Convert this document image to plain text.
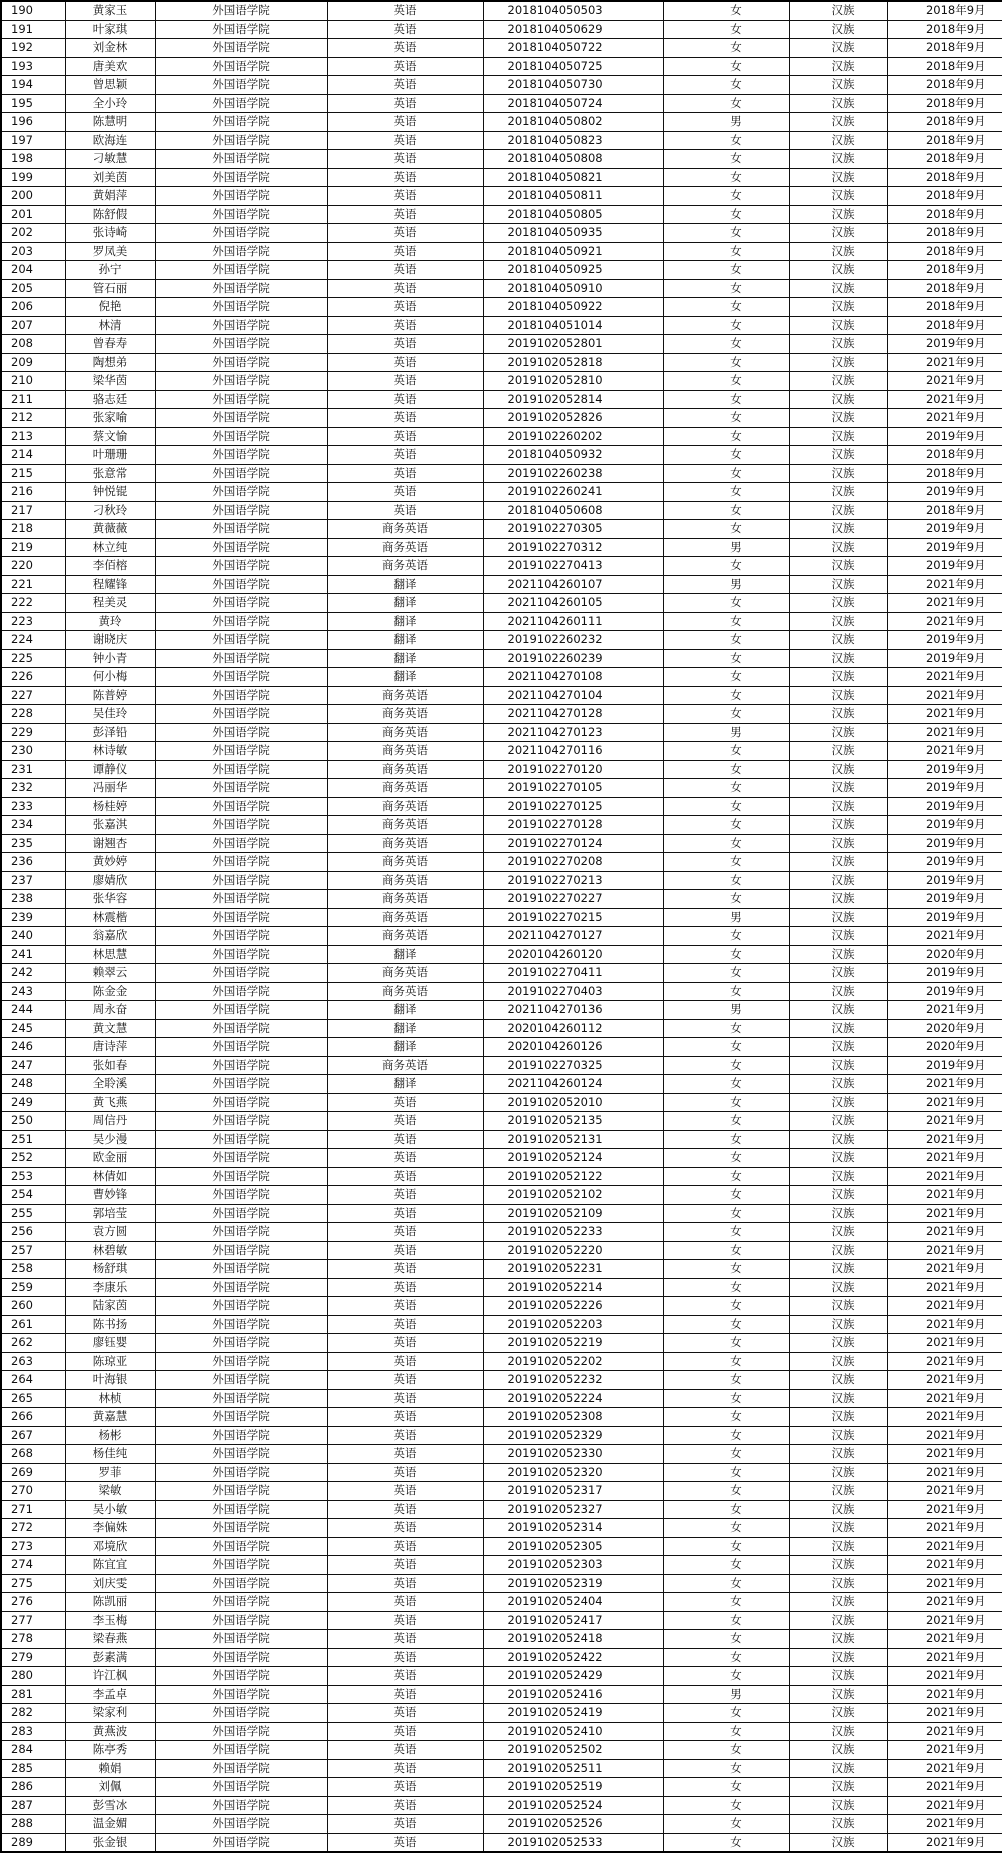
190	黄家玉	外国语学院	英语	2018104050503	女	汉族	2018年9月
191	叶家琪	外国语学院	英语	2018104050629	女	汉族	2018年9月
192	刘金林	外国语学院	英语	2018104050722	女	汉族	2018年9月
193	唐美欢	外国语学院	英语	2018104050725	女	汉族	2018年9月
194	曾思颖	外国语学院	英语	2018104050730	女	汉族	2018年9月
195	全小玲	外国语学院	英语	2018104050724	女	汉族	2018年9月
196	陈慧明	外国语学院	英语	2018104050802	男	汉族	2018年9月
197	欧海连	外国语学院	英语	2018104050823	女	汉族	2018年9月
198	刁敏慧	外国语学院	英语	2018104050808	女	汉族	2018年9月
199	刘美茵	外国语学院	英语	2018104050821	女	汉族	2018年9月
200	黄娟萍	外国语学院	英语	2018104050811	女	汉族	2018年9月
201	陈舒假	外国语学院	英语	2018104050805	女	汉族	2018年9月
202	张诗崎	外国语学院	英语	2018104050935	女	汉族	2018年9月
203	罗凤美	外国语学院	英语	2018104050921	女	汉族	2018年9月
204	孙宁	外国语学院	英语	2018104050925	女	汉族	2018年9月
205	管石丽	外国语学院	英语	2018104050910	女	汉族	2018年9月
206	倪艳	外国语学院	英语	2018104050922	女	汉族	2018年9月
207	林清	外国语学院	英语	2018104051014	女	汉族	2018年9月
208	曾春寿	外国语学院	英语	2019102052801	女	汉族	2019年9月
209	陶想弟	外国语学院	英语	2019102052818	女	汉族	2021年9月
210	梁华茵	外国语学院	英语	2019102052810	女	汉族	2021年9月
211	骆志廷	外国语学院	英语	2019102052814	女	汉族	2021年9月
212	张家喻	外国语学院	英语	2019102052826	女	汉族	2021年9月
213	蔡文愉	外国语学院	英语	2019102260202	女	汉族	2019年9月
214	叶珊珊	外国语学院	英语	2018104050932	女	汉族	2018年9月
215	张意常	外国语学院	英语	2019102260238	女	汉族	2018年9月
216	钟悦锟	外国语学院	英语	2019102260241	女	汉族	2019年9月
217	刁秋玲	外国语学院	英语	2018104050608	女	汉族	2018年9月
218	黄薇薇	外国语学院	商务英语	2019102270305	女	汉族	2019年9月
219	林立纯	外国语学院	商务英语	2019102270312	男	汉族	2019年9月
220	李佰榕	外国语学院	商务英语	2019102270413	女	汉族	2019年9月
221	程耀锋	外国语学院	翻译	2021104260107	男	汉族	2021年9月
222	程美灵	外国语学院	翻译	2021104260105	女	汉族	2021年9月
223	黄玲	外国语学院	翻译	2021104260111	女	汉族	2021年9月
224	谢晓庆	外国语学院	翻译	2019102260232	女	汉族	2019年9月
225	钟小青	外国语学院	翻译	2019102260239	女	汉族	2019年9月
226	何小梅	外国语学院	翻译	2021104270108	女	汉族	2021年9月
227	陈普婷	外国语学院	商务英语	2021104270104	女	汉族	2021年9月
228	吴佳玲	外国语学院	商务英语	2021104270128	女	汉族	2021年9月
229	彭泽铅	外国语学院	商务英语	2021104270123	男	汉族	2021年9月
230	林诗敏	外国语学院	商务英语	2021104270116	女	汉族	2021年9月
231	谭静仪	外国语学院	商务英语	2019102270120	女	汉族	2019年9月
232	冯丽华	外国语学院	商务英语	2019102270105	女	汉族	2019年9月
233	杨桂婷	外国语学院	商务英语	2019102270125	女	汉族	2019年9月
234	张嘉淇	外国语学院	商务英语	2019102270128	女	汉族	2019年9月
235	谢翘杏	外国语学院	商务英语	2019102270124	女	汉族	2019年9月
236	黄妙婷	外国语学院	商务英语	2019102270208	女	汉族	2019年9月
237	廖婧欣	外国语学院	商务英语	2019102270213	女	汉族	2019年9月
238	张华容	外国语学院	商务英语	2019102270227	女	汉族	2019年9月
239	林震楷	外国语学院	商务英语	2019102270215	男	汉族	2019年9月
240	翁嘉欣	外国语学院	商务英语	2021104270127	女	汉族	2021年9月
241	林思慧	外国语学院	翻译	2020104260120	女	汉族	2020年9月
242	赖翠云	外国语学院	商务英语	2019102270411	女	汉族	2019年9月
243	陈金金	外国语学院	商务英语	2019102270403	女	汉族	2019年9月
244	周永奋	外国语学院	翻译	2021104270136	男	汉族	2021年9月
245	黄文慧	外国语学院	翻译	2020104260112	女	汉族	2020年9月
246	唐诗萍	外国语学院	翻译	2020104260126	女	汉族	2020年9月
247	张如春	外国语学院	商务英语	2019102270325	女	汉族	2019年9月
248	全聆溪	外国语学院	翻译	2021104260124	女	汉族	2021年9月
249	黄飞燕	外国语学院	英语	2019102052010	女	汉族	2021年9月
250	周信丹	外国语学院	英语	2019102052135	女	汉族	2021年9月
251	吴少漫	外国语学院	英语	2019102052131	女	汉族	2021年9月
252	欧金丽	外国语学院	英语	2019102052124	女	汉族	2021年9月
253	林倩如	外国语学院	英语	2019102052122	女	汉族	2021年9月
254	曹妙锋	外国语学院	英语	2019102052102	女	汉族	2021年9月
255	郭培莹	外国语学院	英语	2019102052109	女	汉族	2021年9月
256	袁方圆	外国语学院	英语	2019102052233	女	汉族	2021年9月
257	林碧敏	外国语学院	英语	2019102052220	女	汉族	2021年9月
258	杨舒琪	外国语学院	英语	2019102052231	女	汉族	2021年9月
259	李康乐	外国语学院	英语	2019102052214	女	汉族	2021年9月
260	陆家茵	外国语学院	英语	2019102052226	女	汉族	2021年9月
261	陈书扬	外国语学院	英语	2019102052203	女	汉族	2021年9月
262	廖钰婴	外国语学院	英语	2019102052219	女	汉族	2021年9月
263	陈琼亚	外国语学院	英语	2019102052202	女	汉族	2021年9月
264	叶海银	外国语学院	英语	2019102052232	女	汉族	2021年9月
265	林桢	外国语学院	英语	2019102052224	女	汉族	2021年9月
266	黄嘉慧	外国语学院	英语	2019102052308	女	汉族	2021年9月
267	杨彬	外国语学院	英语	2019102052329	女	汉族	2021年9月
268	杨佳纯	外国语学院	英语	2019102052330	女	汉族	2021年9月
269	罗菲	外国语学院	英语	2019102052320	女	汉族	2021年9月
270	梁敏	外国语学院	英语	2019102052317	女	汉族	2021年9月
271	吴小敏	外国语学院	英语	2019102052327	女	汉族	2021年9月
272	李偏姝	外国语学院	英语	2019102052314	女	汉族	2021年9月
273	邓境欣	外国语学院	英语	2019102052305	女	汉族	2021年9月
274	陈宜宜	外国语学院	英语	2019102052303	女	汉族	2021年9月
275	刘庆雯	外国语学院	英语	2019102052319	女	汉族	2021年9月
276	陈凯丽	外国语学院	英语	2019102052404	女	汉族	2021年9月
277	李玉梅	外国语学院	英语	2019102052417	女	汉族	2021年9月
278	梁春燕	外国语学院	英语	2019102052418	女	汉族	2021年9月
279	彭素满	外国语学院	英语	2019102052422	女	汉族	2021年9月
280	许江枫	外国语学院	英语	2019102052429	女	汉族	2021年9月
281	李孟卓	外国语学院	英语	2019102052416	男	汉族	2021年9月
282	梁家利	外国语学院	英语	2019102052419	女	汉族	2021年9月
283	黄燕波	外国语学院	英语	2019102052410	女	汉族	2021年9月
284	陈亭秀	外国语学院	英语	2019102052502	女	汉族	2021年9月
285	赖娟	外国语学院	英语	2019102052511	女	汉族	2021年9月
286	刘佩	外国语学院	英语	2019102052519	女	汉族	2021年9月
287	彭雪冰	外国语学院	英语	2019102052524	女	汉族	2021年9月
288	温金媚	外国语学院	英语	2019102052526	女	汉族	2021年9月
289	张金银	外国语学院	英语	2019102052533	女	汉族	2021年9月
